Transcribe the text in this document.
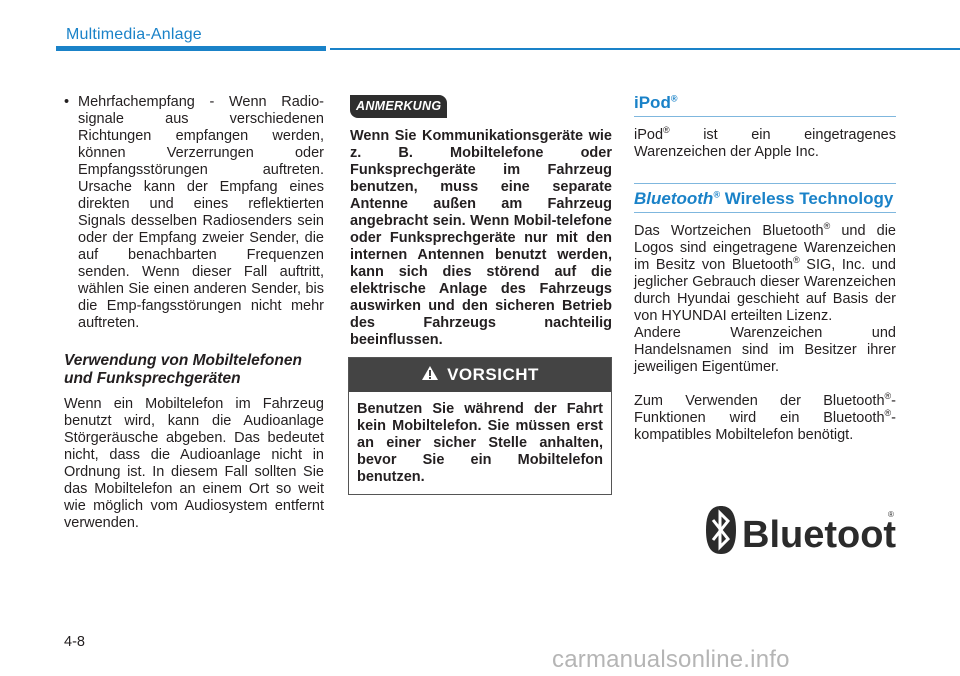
Multimedia-Anlage

• Mehrfachempfang - Wenn Radio-signale aus verschiedenen Richtungen empfangen werden, können Verzerrungen oder Empfangsstörungen auftreten. Ursache kann der Empfang eines direkten und eines reflektierten Signals desselben Radiosenders sein oder der Empfang zweier Sender, die auf benachbarten Frequenzen senden. Wenn dieser Fall auftritt, wählen Sie einen anderen Sender, bis die Emp-fangsstörungen nicht mehr auftreten.

Verwendung von Mobiltelefonen und Funksprechgeräten

Wenn ein Mobiltelefon im Fahrzeug benutzt wird, kann die Audioanlage Störgeräusche abgeben. Das bedeutet nicht, dass die Audioanlage nicht in Ordnung ist. In diesem Fall sollten Sie das Mobiltelefon an einem Ort so weit wie möglich vom Audiosystem entfernt verwenden.

ANMERKUNG
Wenn Sie Kommunikationsgeräte wie z. B. Mobiltelefone oder Funksprechgeräte im Fahrzeug benutzen, muss eine separate Antenne außen am Fahrzeug angebracht sein. Wenn Mobil-telefone oder Funksprechgeräte nur mit den internen Antennen benutzt werden, kann sich dies störend auf die elektrische Anlage des Fahrzeugs auswirken und den sicheren Betrieb des Fahrzeugs nachteilig beeinflussen.
VORSICHT
Benutzen Sie während der Fahrt kein Mobiltelefon. Sie müssen erst an einer sicher Stelle anhalten, bevor Sie ein Mobiltelefon benutzen.
iPod®

iPod® ist ein eingetragenes Warenzeichen der Apple Inc.

Bluetooth® Wireless Technology

Das Wortzeichen Bluetooth® und die Logos sind eingetragene Warenzeichen im Besitz von Bluetooth® SIG, Inc. und jeglicher Gebrauch dieser Warenzeichen durch Hyundai geschieht auf Basis der von HYUNDAI erteilten Lizenz.

Andere Warenzeichen und Handelsnamen sind im Besitzer ihrer jeweiligen Eigentümer.

Zum Verwenden der Bluetooth®-Funktionen wird ein Bluetooth®-kompatibles Mobiltelefon benötigt.

Bluetoot
®
4-8
carmanualsonline.info
